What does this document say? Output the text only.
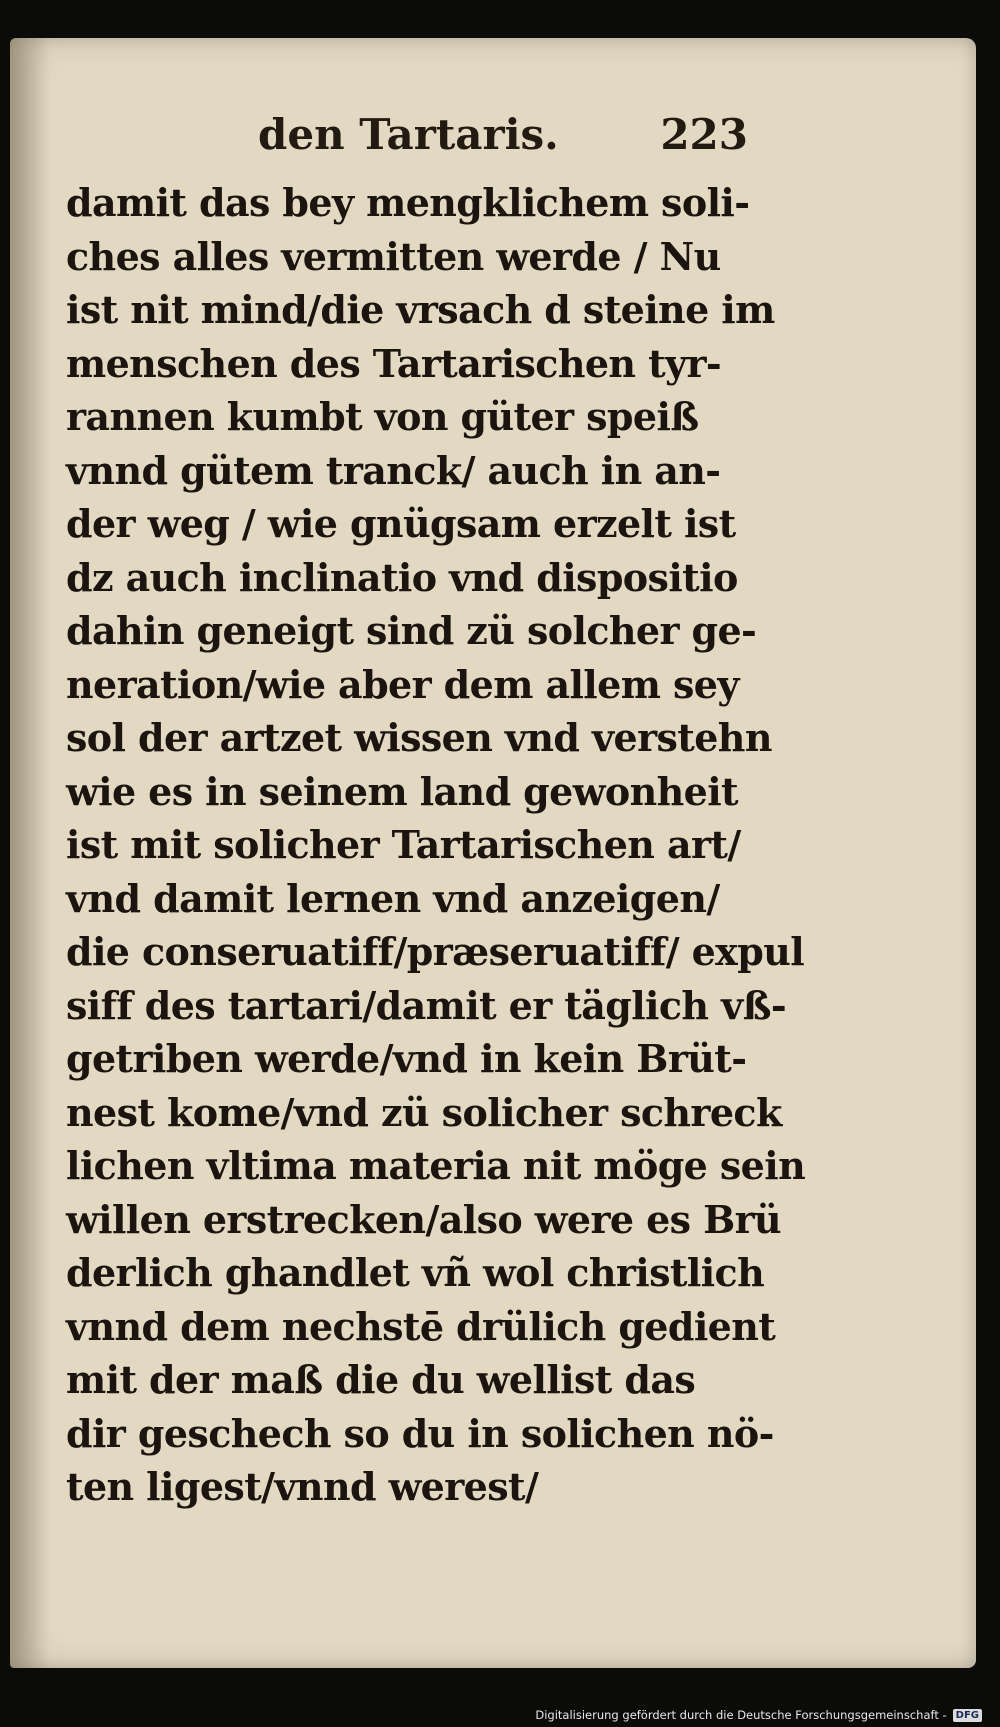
den Tartaris. 223
damit das bey mengklichem soli-
ches alles vermitten werde / Nu
ist nit mind/die vrsach d steine im
menschen des Tartarischen tyr-
rannen kumbt von güter speiß
vnnd gütem tranck/ auch in an-
der weg / wie gnügsam erzelt ist
dz auch inclinatio vnd dispositio
dahin geneigt sind zü solcher ge-
neration/wie aber dem allem sey
sol der artzet wissen vnd verstehn
wie es in seinem land gewonheit
ist mit solicher Tartarischen art/
vnd damit lernen vnd anzeigen/
die conseruatiff/præseruatiff/ expul
siff des tartari/damit er täglich vß-
getriben werde/vnd in kein Brüt-
nest kome/vnd zü solicher schreck
lichen vltima materia nit möge sein
willen erstrecken/also were es Brü
derlich ghandlet vñ wol christlich
vnnd dem nechstē drülich gedient
mit der maß die du wellist das
dir geschech so du in solichen nö-
ten ligest/vnnd werest/
Digitalisierung gefördert durch die Deutsche Forschungsgemeinschaft - DFG
